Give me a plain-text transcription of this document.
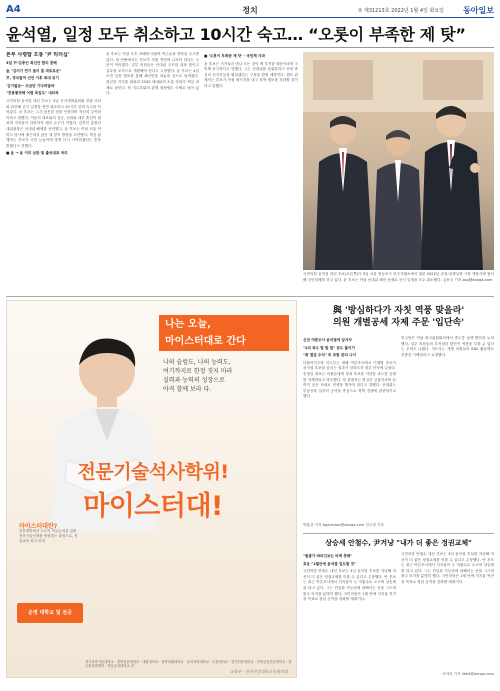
A4	정치	② 제31213호 2022년 1월 4일 화요일 동아일보
윤석열, 일정 모두 취소하고 10시간 숙고… “오롯이 부족한 제 탓”
본부 사령탑 오룡 '尹 리더십'
3일 尹-김종인 최선안 합의 못해
金 "김어기 연기 들어 몸 과로로운"
尹, 정치참여 선언 이후 최대 위기
'김기필준~ 조금만 기다려달라'
"전봉룡정해 어렵 목침도" 내비쳐
국민의힘 윤석열 대선 후보는 3일 선거대책위원회 전원 사퇴와 관련해 공식 일정을 전면 취소하고 10시간 넘게 숙고를 이어갔다. 윤 후보는 그간 잘못된 점을 인정하며 자신의 부족함이라고 말했다. 이준석 대표와의 갈등, 선대위 내부 혼선이 겹치며 지지율이 하락하자 쇄신 요구가 커졌다. 김종인 총괄선대위원장은 선대위 해체를 선언했고, 윤 후보는 이날 서울 여의도 당사에 출근하지 않은 채 향후 방향을 고민했다. 핵심 관계자는 후보가 국민 눈높이에 맞게 다시 시작하겠다는 뜻을 밝혔다고 전했다.
■ 윤 → 윤 이미 심판 및 출석대표 처리
윤 후보는 이날 오후 자택에 머물며 측근들과 연락을 주고받았다. 당 안팎에서는 후보가 직접 전면에 나서야 한다는 주문이 이어졌다. 일부 의원들은 선대위 규모를 대폭 줄이고 실무형 조직으로 개편해야 한다고 주장했다. 윤 후보는 4일 오전 입장 발표를 통해 쇄신안을 내놓을 것으로 알려졌다. 청년층 지지율 회복과 2030 세대와의 소통 강화가 핵심 과제로 꼽힌다. 당 지도부와의 관계 재정립도 숙제로 남아 있다.
■ '오롯이 부족한 제 탓' - 국민께 사과
윤 후보는 기자들과 만나 모든 것이 제 부족함 때문이라며 국민께 송구하다고 말했다. 그는 선대위를 슬림화하고 현장 중심의 선거운동을 펼치겠다는 구상을 밝힐 예정이다. 캠프 관계자는 후보가 직접 메시지를 내고 정책 행보를 강화할 것이라고 말했다.
국민의힘 윤석열 대선 후보(오른쪽)가 3일 서울 영등포구 한국거래소에서 열린 2022년 증권·파생상품 시장 개장식에 참석해 국민의례를 하고 있다. 윤 후보는 이날 선대위 쇄신 문제로 공식 일정을 모두 취소했다. 김동주 기자 zoo@donga.com
나는 오늘,
마이스터대로 간다
나의 슬럼도, 나의 능력도,
여기까지로 한정 짓지 마라
실력과 능력의 성장으로
아직 할께 보라 다.
전문기술석사학위!
마이스터대!
마이스터대란?
전문대학에서 고도의 직무능력을 갖춘 전문기술인재를 양성하는 과정으로, 직업교육 최고 과정
운영 대학교 및 전공
경기과학기술대학교 · 경북전문대학교 · 대림대학교 · 동양미래대학교 · 동의과학대학교 · 부천대학교 · 영진전문대학교 · 인하공업전문대학교 · 한국폴리텍대학 · 연암공과대학교 외
교육부 · 한국전문대학교육협의회
與 '방심하다가 자칫 역풍 맞을라'
의원 개별공세 자제 주문 '입단속'
신년 여론조사 윤석열에 앞서자
"1위 착오 말 말 말" 등도 풀어가
"靑 결집 주석" 비 포함 관리 나서
더불어민주당 지도부는 새해 여론조사에서 이재명 후보가 윤석열 후보를 앞서는 결과가 잇따르자 내부 단속에 나섰다. 송영길 대표는 의원들에게 상대 후보를 겨냥한 과도한 공세를 자제하라고 당부했다. 당 관계자는 방심은 금물이라며 끝까지 낮은 자세로 민생을 챙겨야 한다고 말했다. 선대위는 부동산과 일자리 공약을 중심으로 정책 경쟁에 집중하기로 했다.
민주당은 이날 최고위원회의에서 중도층 공략 방안을 논의했다. 일부 의원들의 부적절한 발언이 역풍을 부를 수 있다는 우려도 나왔다. 지도부는 개별 의원들의 SNS 활동에도 신중을 기해달라고 요청했다.
박훈상 기자 tigermask@donga.com 전주영 기자
상승세 안철수, 尹겨냥 "내가 더 좋은 정권교체"
"범좋가 바라깃보는 비제 못해"
호응 "1월안에 윤석열 업도할 것"
국민의당 안철수 대선 후보는 3일 윤석열 후보를 겨냥해 자신이 더 좋은 정권교체를 이룰 수 있다고 주장했다. 안 후보는 최근 여론조사에서 지지율이 두 자릿수로 오르며 상승세를 타고 있다. 그는 단일화 가능성에 대해서는 선을 그으며 완주 의지를 분명히 했다. 국민의당은 1월 안에 지지율 역전을 목표로 청년 공약을 강화할 계획이다.
국민의당 안철수 대선 후보는 3일 윤석열 후보를 겨냥해 자신이 더 좋은 정권교체를 이룰 수 있다고 주장했다. 안 후보는 최근 여론조사에서 지지율이 두 자릿수로 오르며 상승세를 타고 있다. 그는 단일화 가능성에 대해서는 선을 그으며 완주 의지를 분명히 했다. 국민의당은 1월 안에 지지율 역전을 목표로 청년 공약을 강화할 계획이다.
조아라 기자 likeit@donga.com
